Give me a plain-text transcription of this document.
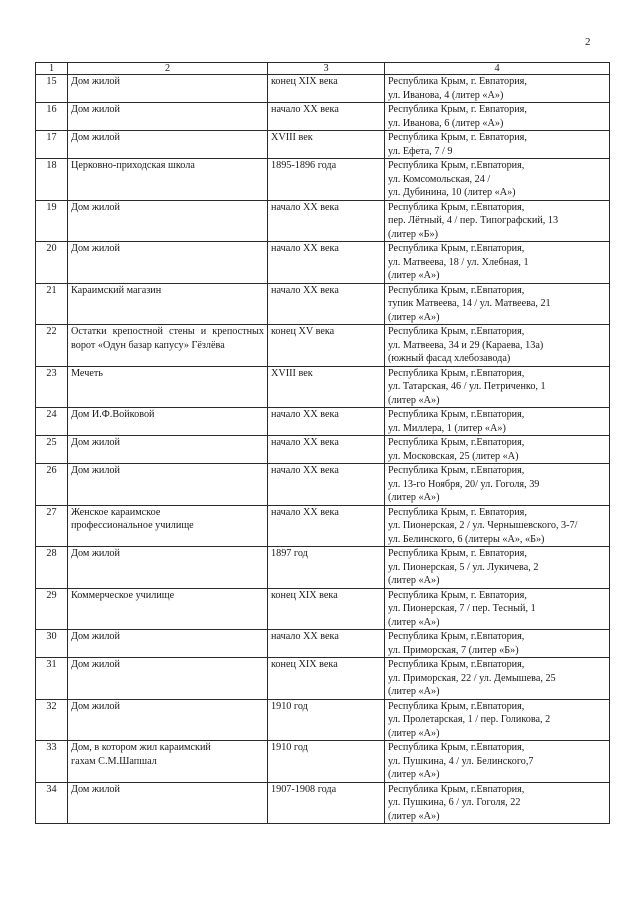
2
1	2	3	4
15	Дом жилой	конец XIX века	Республика Крым, г. Евпатория,
ул. Иванова, 4 (литер «А»)
16	Дом жилой	начало XX века	Республика Крым, г. Евпатория,
ул. Иванова, 6 (литер «А»)
17	Дом жилой	XVIII век	Республика Крым, г. Евпатория,
ул. Ефета, 7 / 9
18	Церковно-приходская школа	1895-1896 года	Республика Крым, г.Евпатория,
ул. Комсомольская, 24 /
ул. Дубинина, 10 (литер «А»)
19	Дом жилой	начало XX века	Республика Крым, г.Евпатория,
пер. Лётный, 4 / пер. Типографский, 13
(литер «Б»)
20	Дом жилой	начало XX века	Республика Крым, г.Евпатория,
ул. Матвеева, 18 / ул. Хлебная, 1
(литер «А»)
21	Караимский магазин	начало XX века	Республика Крым, г.Евпатория,
тупик Матвеева, 14 / ул. Матвеева, 21
(литер «А»)
22	Остатки крепостной стены и крепостных ворот «Одун базар капусу» Гёзлёва	конец XV века	Республика Крым, г.Евпатория,
ул. Матвеева, 34 и 29 (Караева, 13а)
(южный фасад хлебозавода)
23	Мечеть	XVIII век	Республика Крым, г.Евпатория,
ул. Татарская, 46 / ул. Петриченко, 1
(литер «А»)
24	Дом И.Ф.Войковой	начало XX века	Республика Крым, г.Евпатория,
ул. Миллера, 1 (литер «А»)
25	Дом жилой	начало XX века	Республика Крым, г.Евпатория,
ул. Московская, 25 (литер «А)
26	Дом жилой	начало XX века	Республика Крым, г.Евпатория,
ул. 13-го Ноября, 20/ ул. Гоголя, 39
(литер «А»)
27	Женское караимское
профессиональное училище	начало XX века	Республика Крым, г. Евпатория,
ул. Пионерская, 2 / ул. Чернышевского, 3-7/
ул. Белинского, 6 (литеры «А», «Б»)
28	Дом жилой	1897 год	Республика Крым, г. Евпатория,
ул. Пионерская, 5 / ул. Лукичева, 2
(литер «А»)
29	Коммерческое училище	конец XIX века	Республика Крым, г. Евпатория,
ул. Пионерская, 7 / пер. Тесный, 1
(литер «А»)
30	Дом жилой	начало XX века	Республика Крым, г.Евпатория,
ул. Приморская, 7 (литер «Б»)
31	Дом жилой	конец XIX века	Республика Крым, г.Евпатория,
ул. Приморская, 22 / ул. Демышева, 25
(литер «А»)
32	Дом жилой	1910 год	Республика Крым, г.Евпатория,
ул. Пролетарская, 1 / пер. Голикова, 2
(литер «А»)
33	Дом, в котором жил караимский
гахам С.М.Шапшал	1910 год	Республика Крым, г.Евпатория,
ул. Пушкина, 4 / ул. Белинского,7
(литер «А»)
34	Дом жилой	1907-1908 года	Республика Крым, г.Евпатория,
ул. Пушкина, 6 / ул. Гоголя, 22
(литер «А»)
